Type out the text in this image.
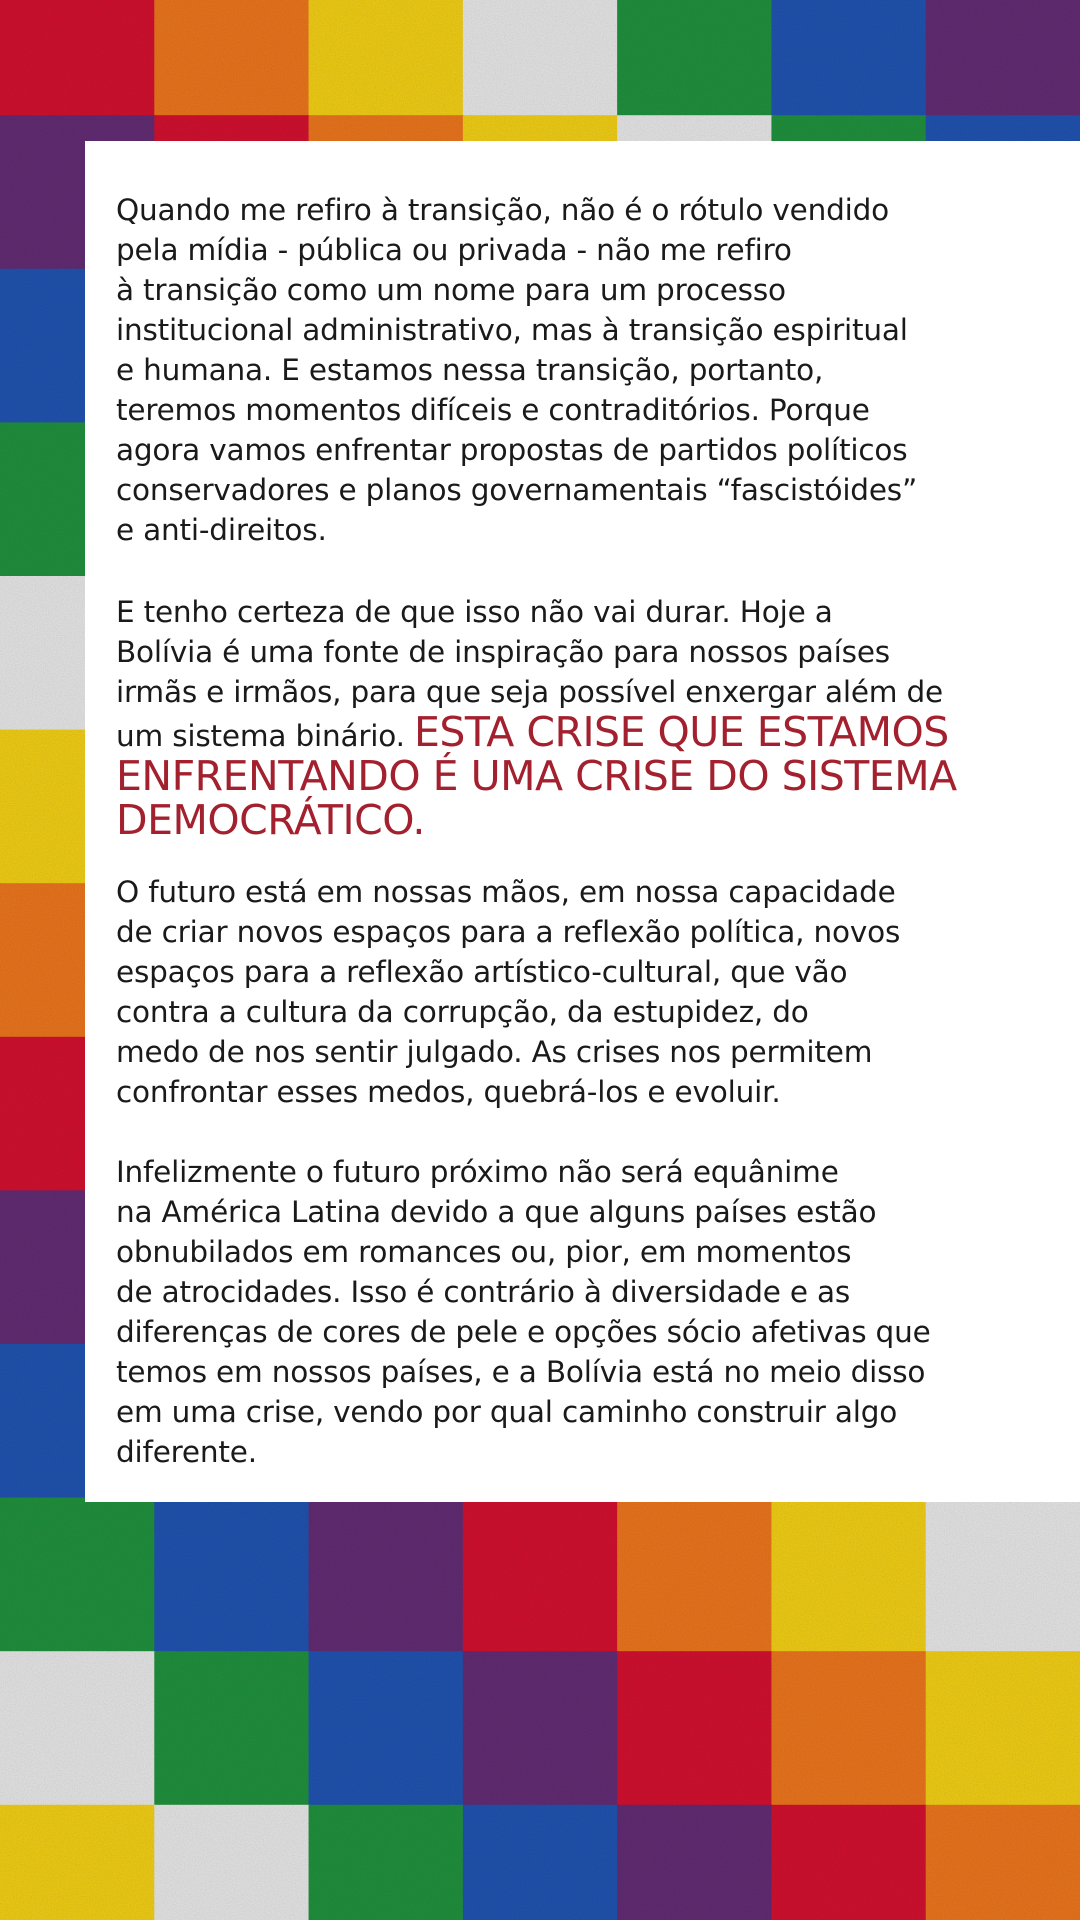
Quando me refiro à transição, não é o rótulo vendido
pela mídia - pública ou privada - não me refiro
à transição como um nome para um processo
institucional administrativo, mas à transição espiritual
e humana. E estamos nessa transição, portanto,
teremos momentos difíceis e contraditórios. Porque
agora vamos enfrentar propostas de partidos políticos
conservadores e planos governamentais “fascistóides”
e anti-direitos.

E tenho certeza de que isso não vai durar. Hoje a
Bolívia é uma fonte de inspiração para nossos países
irmãs e irmãos, para que seja possível enxergar além de
um sistema binário. ESTA CRISE QUE ESTAMOS
ENFRENTANDO É UMA CRISE DO SISTEMA
DEMOCRÁTICO.

O futuro está em nossas mãos, em nossa capacidade
de criar novos espaços para a reflexão política, novos
espaços para a reflexão artístico-cultural, que vão
contra a cultura da corrupção, da estupidez, do
medo de nos sentir julgado. As crises nos permitem
confrontar esses medos, quebrá-los e evoluir.

Infelizmente o futuro próximo não será equânime
na América Latina devido a que alguns países estão
obnubilados em romances ou, pior, em momentos
de atrocidades. Isso é contrário à diversidade e as
diferenças de cores de pele e opções sócio afetivas que
temos em nossos países, e a Bolívia está no meio disso
em uma crise, vendo por qual caminho construir algo
diferente.
